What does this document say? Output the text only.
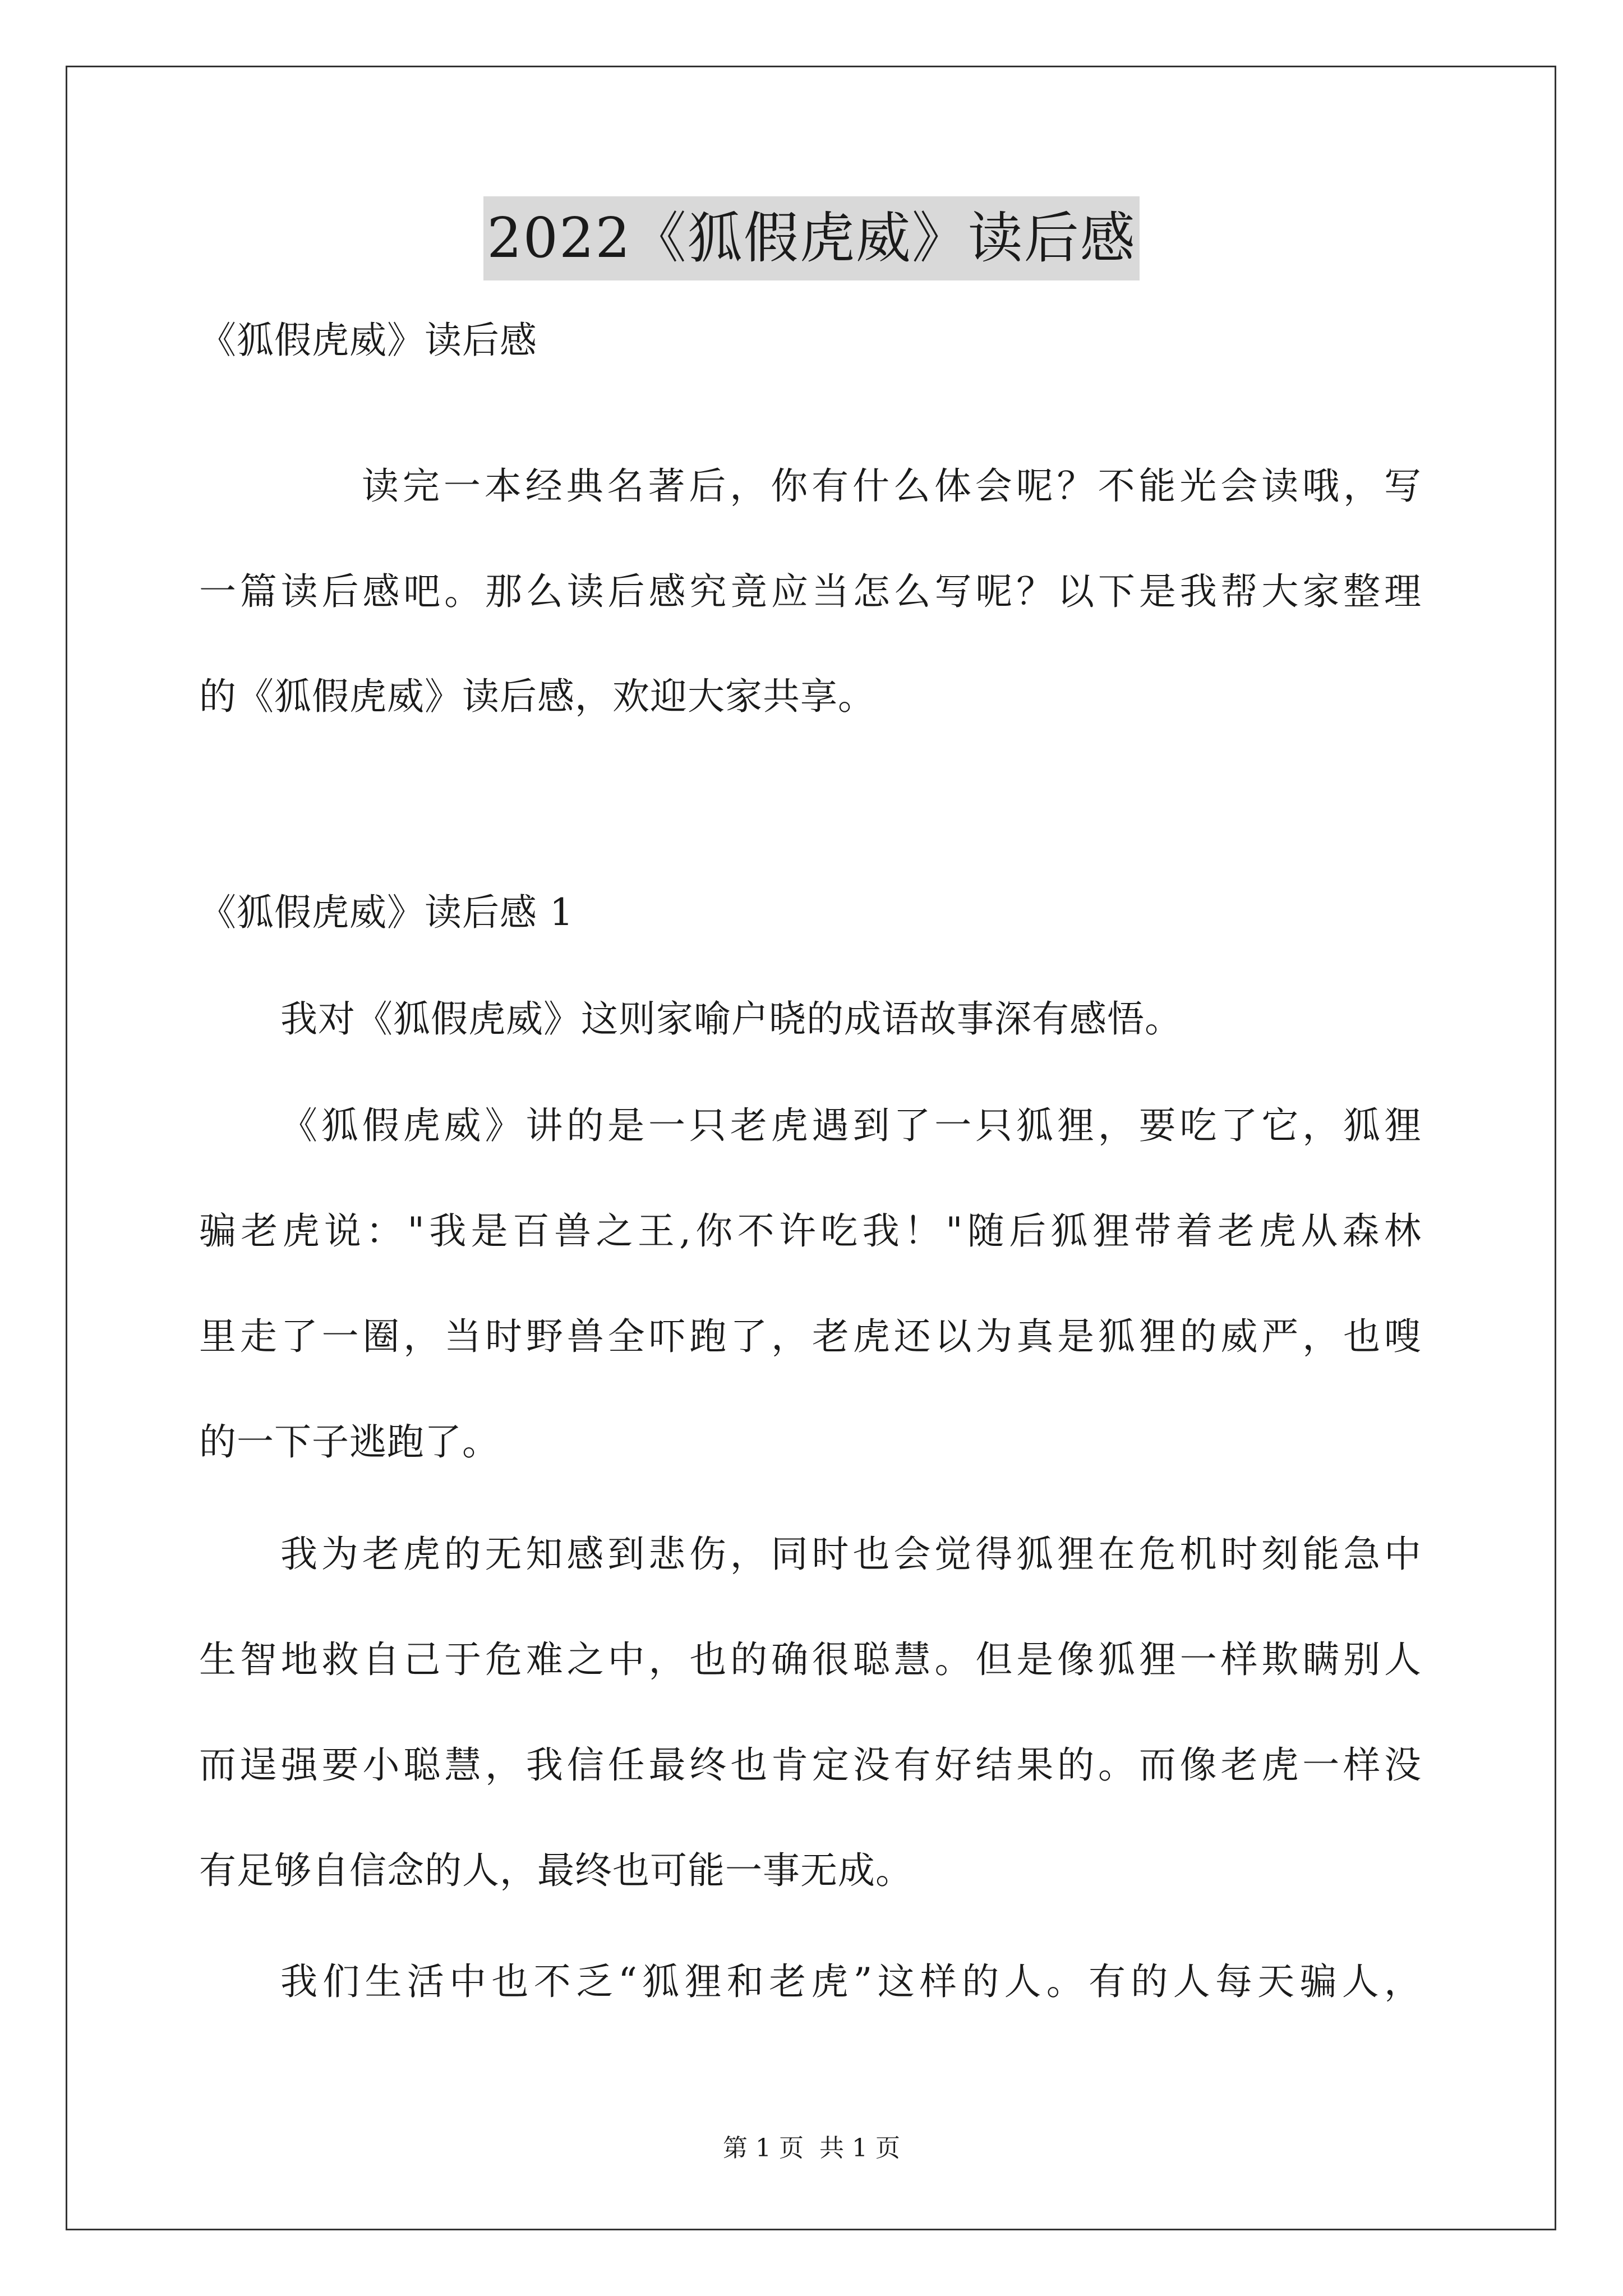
2022《狐假虎威》读后感
《狐假虎威》读后感
读完一本经典名著后，你有什么体会呢？不能光会读哦，写
一篇读后感吧。那么读后感究竟应当怎么写呢？以下是我帮大家整理
的《狐假虎威》读后感，欢迎大家共享。
《狐假虎威》读后感 1
我对《狐假虎威》这则家喻户晓的成语故事深有感悟。
《狐假虎威》讲的是一只老虎遇到了一只狐狸，要吃了它，狐狸
骗老虎说："我是百兽之王,你不许吃我！"随后狐狸带着老虎从森林
里走了一圈，当时野兽全吓跑了，老虎还以为真是狐狸的威严，也嗖
的一下子逃跑了。
我为老虎的无知感到悲伤，同时也会觉得狐狸在危机时刻能急中
生智地救自己于危难之中，也的确很聪慧。但是像狐狸一样欺瞒别人
而逞强要小聪慧，我信任最终也肯定没有好结果的。而像老虎一样没
有足够自信念的人，最终也可能一事无成。
我们生活中也不乏“狐狸和老虎”这样的人。有的人每天骗人，
第 1 页 共 1 页
